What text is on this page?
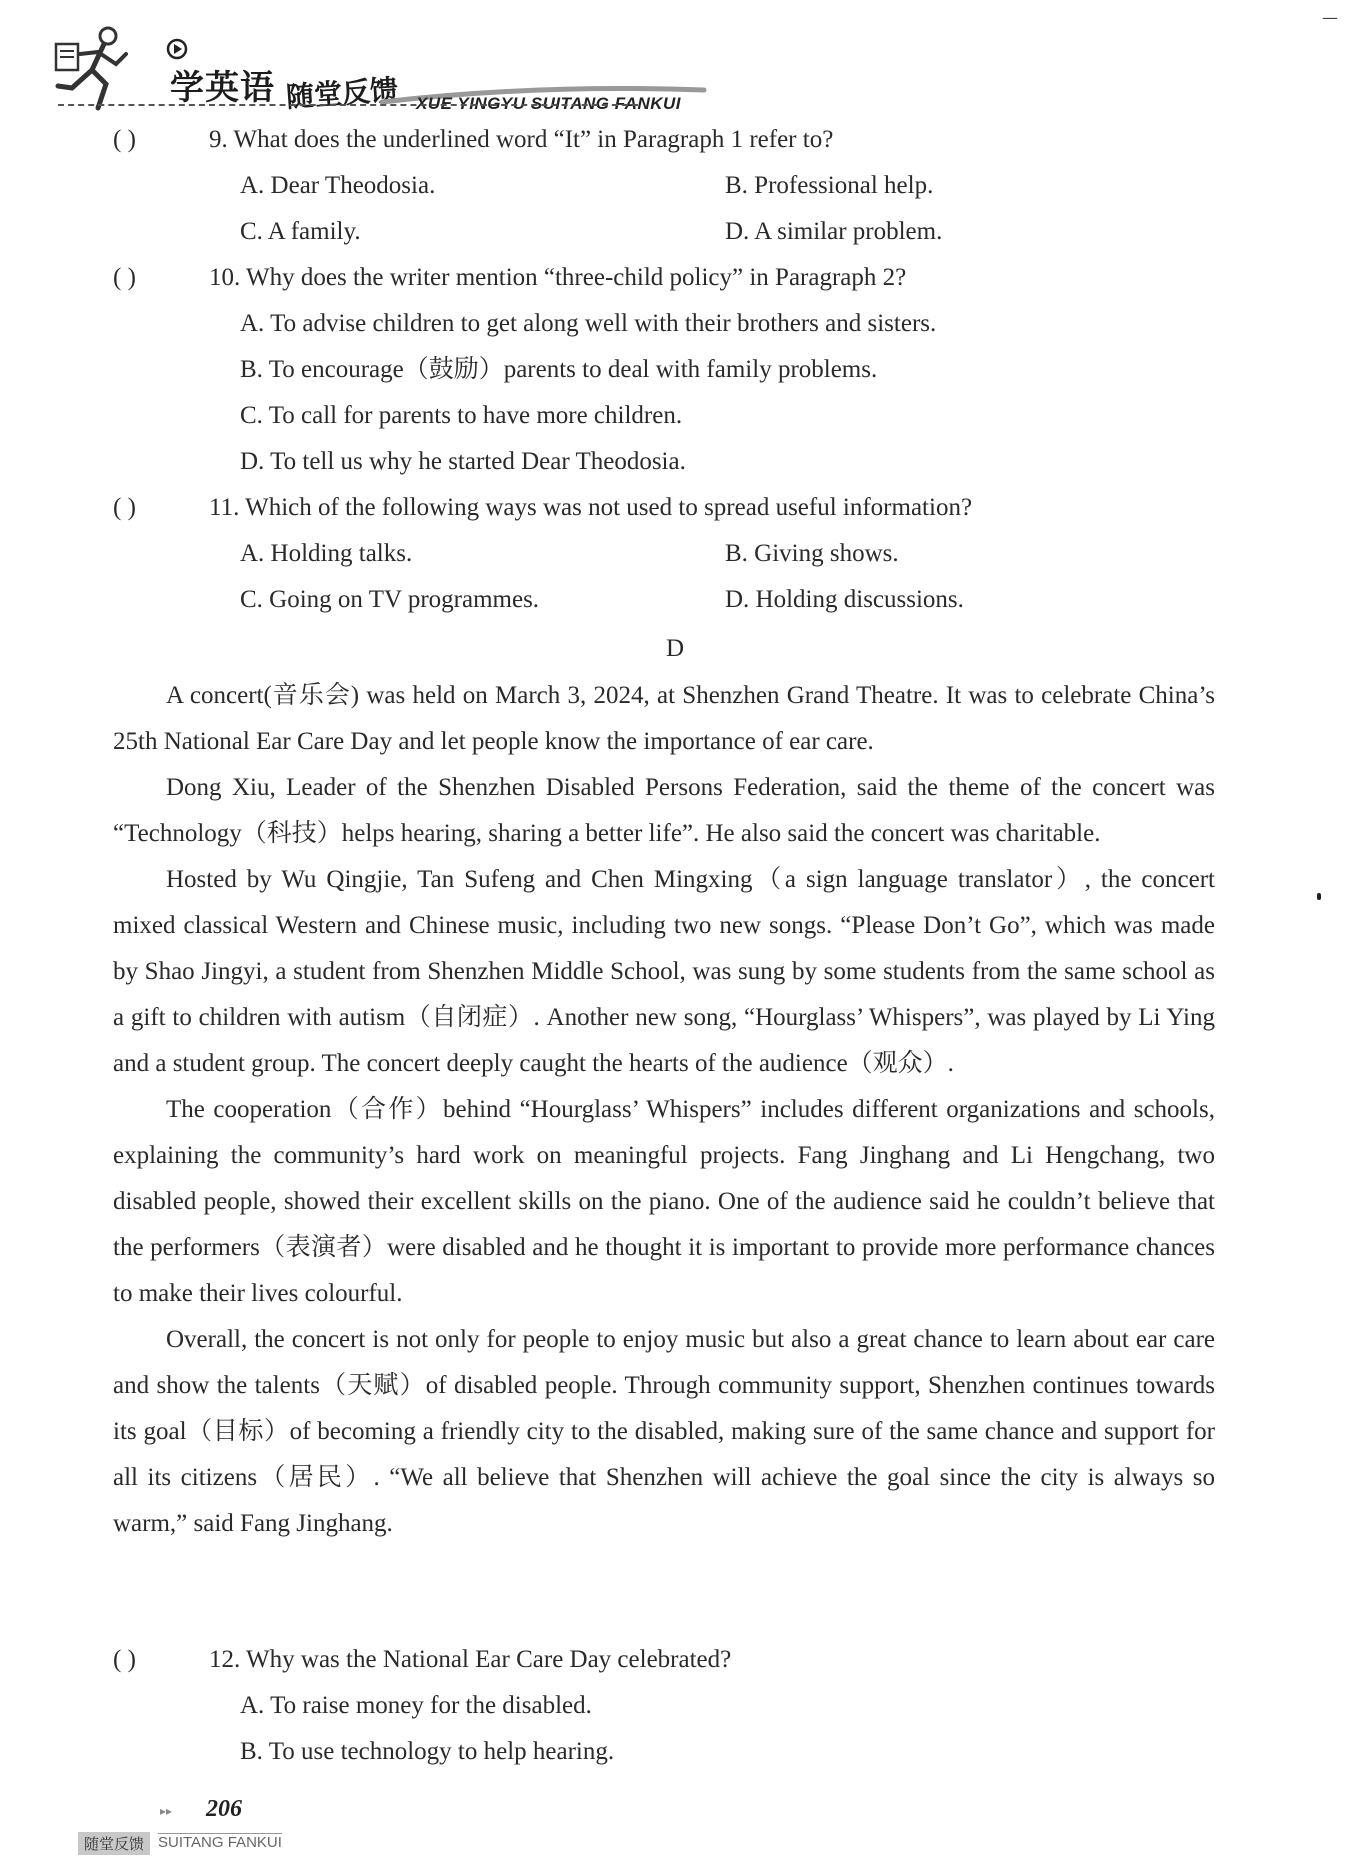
学英语 随堂反馈 XUE YINGYU SUITANG FANKUI
—
( )	9. What does the underlined word “It” in Paragraph 1 refer to?
A. Dear Theodosia.	B. Professional help.
C. A family.	D. A similar problem.
( )	10. Why does the writer mention “three-child policy” in Paragraph 2?
A. To advise children to get along well with their brothers and sisters.
B. To encourage（鼓励）parents to deal with family problems.
C. To call for parents to have more children.
D. To tell us why he started Dear Theodosia.
( )	11. Which of the following ways was not used to spread useful information?
A. Holding talks.	B. Giving shows.
C. Going on TV programmes.	D. Holding discussions.
D

A concert(音乐会) was held on March 3, 2024, at Shenzhen Grand Theatre. It was to celebrate China’s 25th National Ear Care Day and let people know the importance of ear care.

Dong Xiu, Leader of the Shenzhen Disabled Persons Federation, said the theme of the concert was “Technology（科技）helps hearing, sharing a better life”. He also said the concert was charitable.

Hosted by Wu Qingjie, Tan Sufeng and Chen Mingxing（a sign language translator）, the concert mixed classical Western and Chinese music, including two new songs. “Please Don’t Go”, which was made by Shao Jingyi, a student from Shenzhen Middle School, was sung by some students from the same school as a gift to children with autism（自闭症）. Another new song, “Hourglass’ Whispers”, was played by Li Ying and a student group. The concert deeply caught the hearts of the audience（观众）.

The cooperation（合作）behind “Hourglass’ Whispers” includes different organizations and schools, explaining the community’s hard work on meaningful projects. Fang Jinghang and Li Hengchang, two disabled people, showed their excellent skills on the piano. One of the audience said he couldn’t believe that the performers（表演者）were disabled and he thought it is important to provide more performance chances to make their lives colourful.

Overall, the concert is not only for people to enjoy music but also a great chance to learn about ear care and show the talents（天赋）of disabled people. Through community support, Shenzhen continues towards its goal（目标）of becoming a friendly city to the disabled, making sure of the same chance and support for all its citizens（居民）. “We all believe that Shenzhen will achieve the goal since the city is always so warm,” said Fang Jinghang.

( )	12. Why was the National Ear Care Day celebrated?
A. To raise money for the disabled.
B. To use technology to help hearing.
▸▸ 206
随堂反馈 SUITANG FANKUI
